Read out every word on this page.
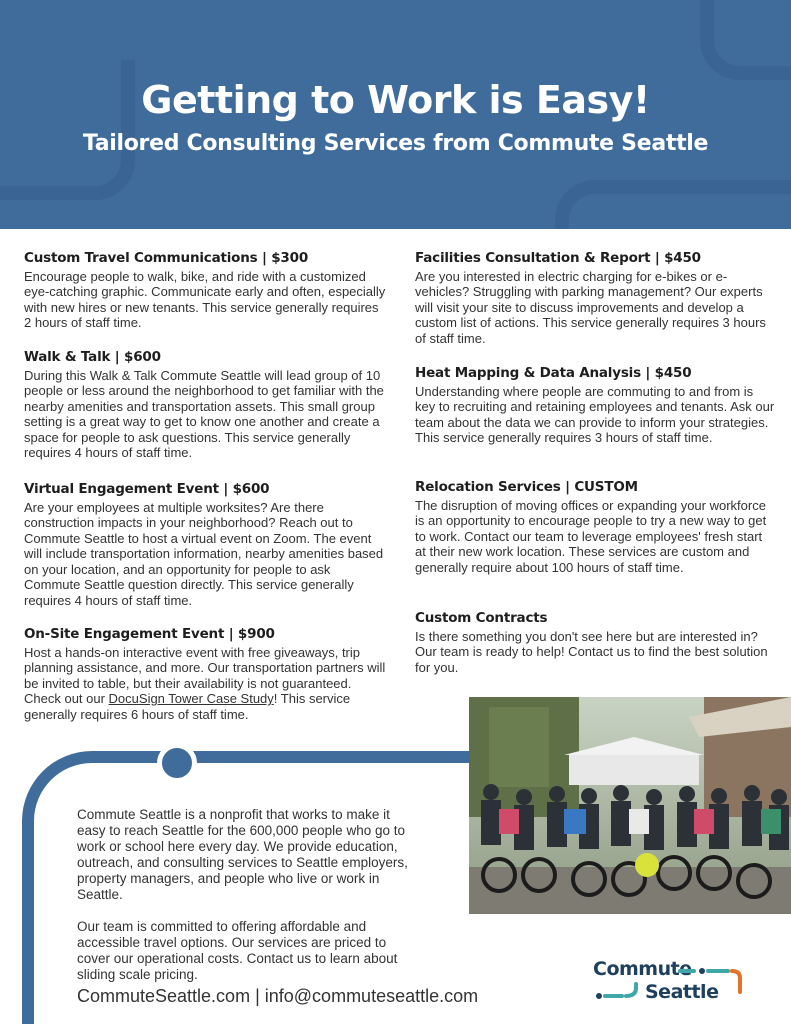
Getting to Work is Easy!
Tailored Consulting Services from Commute Seattle
Custom Travel Communications | $300
Encourage people to walk, bike, and ride with a customized eye-catching graphic. Communicate early and often, especially with new hires or new tenants. This service generally requires 2 hours of staff time.
Walk & Talk | $600
During this Walk & Talk Commute Seattle will lead group of 10 people or less around the neighborhood to get familiar with the nearby amenities and transportation assets. This small group setting is a great way to get to know one another and create a space for people to ask questions. This service generally requires 4 hours of staff time.
Virtual Engagement Event | $600
Are your employees at multiple worksites? Are there construction impacts in your neighborhood? Reach out to Commute Seattle to host a virtual event on Zoom. The event will include transportation information, nearby amenities based on your location, and an opportunity for people to ask Commute Seattle question directly. This service generally requires 4 hours of staff time.
On-Site Engagement Event | $900
Host a hands-on interactive event with free giveaways, trip planning assistance, and more. Our transportation partners will be invited to table, but their availability is not guaranteed. Check out our DocuSign Tower Case Study! This service generally requires 6 hours of staff time.
Facilities Consultation & Report | $450
Are you interested in electric charging for e-bikes or e-vehicles? Struggling with parking management? Our experts will visit your site to discuss improvements and develop a custom list of actions. This service generally requires 3 hours of staff time.
Heat Mapping & Data Analysis | $450
Understanding where people are commuting to and from is key to recruiting and retaining employees and tenants. Ask our team about the data we can provide to inform your strategies. This service generally requires 3 hours of staff time.
Relocation Services | CUSTOM
The disruption of moving offices or expanding your workforce is an opportunity to encourage people to try a new way to get to work. Contact our team to leverage employees' fresh start at their new work location. These services are custom and generally require about 100 hours of staff time.
Custom Contracts
Is there something you don't see here but are interested in? Our team is ready to help! Contact us to find the best solution for you.

Commute Seattle is a nonprofit that works to make it easy to reach Seattle for the 600,000 people who go to work or school here every day. We provide education, outreach, and consulting services to Seattle employers, property managers, and people who live or work in Seattle.

Our team is committed to offering affordable and accessible travel options. Our services are priced to cover our operational costs. Contact us to learn about sliding scale pricing.

CommuteSeattle.com | info@commuteseattle.com
Commute
Seattle
